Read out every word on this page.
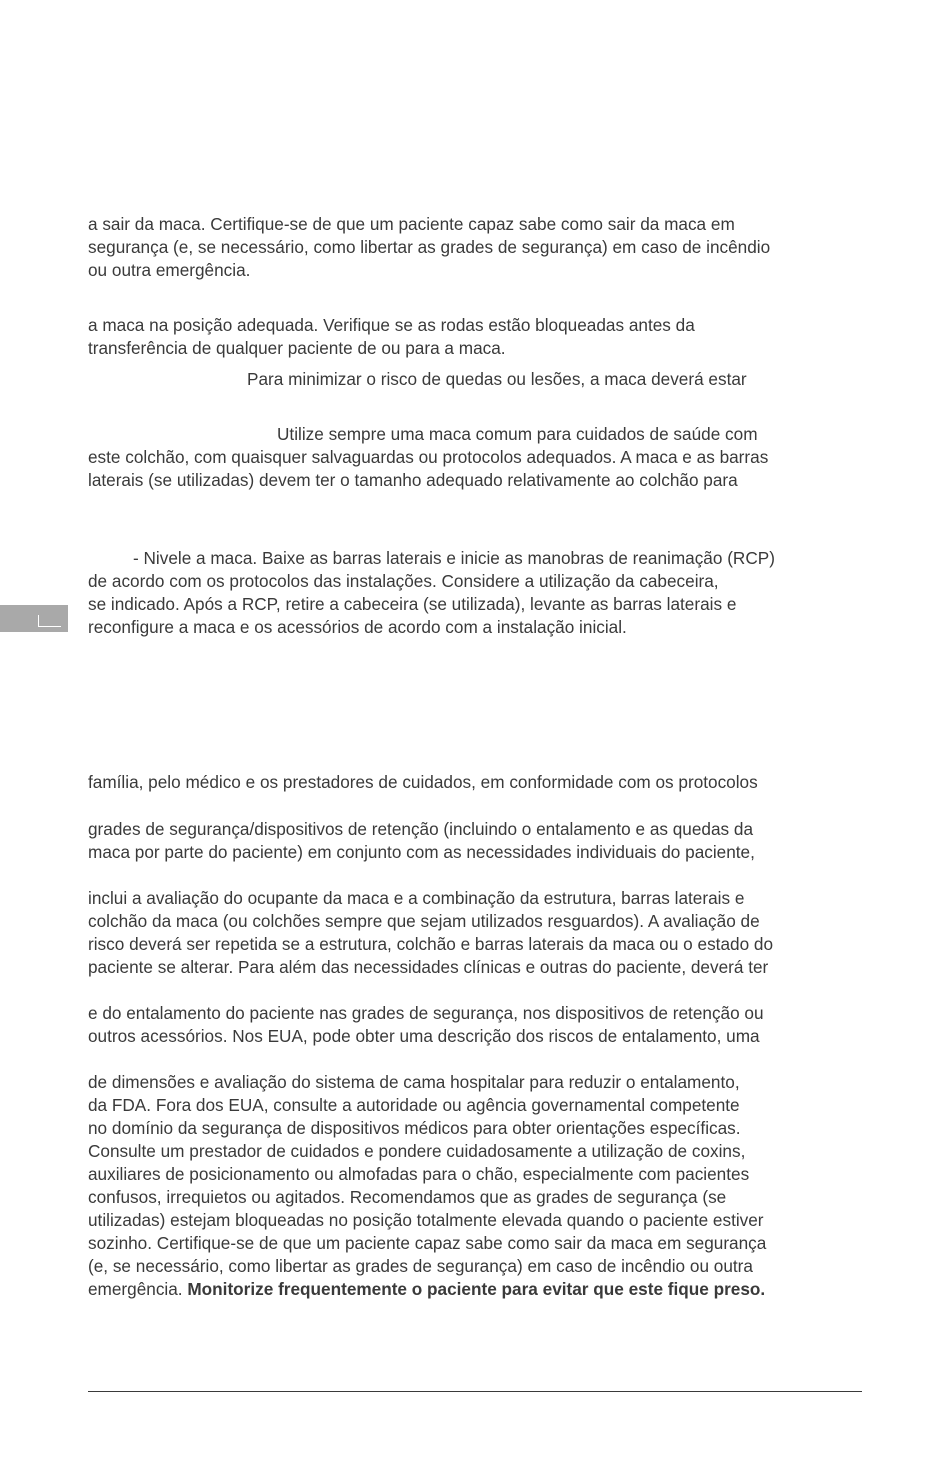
a sair da maca. Certifique-se de que um paciente capaz sabe como sair da maca em
segurança (e, se necessário, como libertar as grades de segurança) em caso de incêndio
ou outra emergência.
a maca na posição adequada. Verifique se as rodas estão bloqueadas antes da
transferência de qualquer paciente de ou para a maca.
Para minimizar o risco de quedas ou lesões, a maca deverá estar
Utilize sempre uma maca comum para cuidados de saúde com
este colchão, com quaisquer salvaguardas ou protocolos adequados. A maca e as barras
laterais (se utilizadas) devem ter o tamanho adequado relativamente ao colchão para
- Nivele a maca. Baixe as barras laterais e inicie as manobras de reanimação (RCP)
de acordo com os protocolos das instalações. Considere a utilização da cabeceira,
se indicado. Após a RCP, retire a cabeceira (se utilizada), levante as barras laterais e
reconfigure a maca e os acessórios de acordo com a instalação inicial.
família, pelo médico e os prestadores de cuidados, em conformidade com os protocolos
grades de segurança/dispositivos de retenção (incluindo o entalamento e as quedas da
maca por parte do paciente) em conjunto com as necessidades individuais do paciente,
inclui a avaliação do ocupante da maca e a combinação da estrutura, barras laterais e
colchão da maca (ou colchões sempre que sejam utilizados resguardos). A avaliação de
risco deverá ser repetida se a estrutura, colchão e barras laterais da maca ou o estado do
paciente se alterar. Para além das necessidades clínicas e outras do paciente, deverá ter
e do entalamento do paciente nas grades de segurança, nos dispositivos de retenção ou
outros acessórios. Nos EUA, pode obter uma descrição dos riscos de entalamento, uma
de dimensões e avaliação do sistema de cama hospitalar para reduzir o entalamento,
da FDA. Fora dos EUA, consulte a autoridade ou agência governamental competente
no domínio da segurança de dispositivos médicos para obter orientações específicas.
Consulte um prestador de cuidados e pondere cuidadosamente a utilização de coxins,
auxiliares de posicionamento ou almofadas para o chão, especialmente com pacientes
confusos, irrequietos ou agitados. Recomendamos que as grades de segurança (se
utilizadas) estejam bloqueadas no posição totalmente elevada quando o paciente estiver
sozinho. Certifique-se de que um paciente capaz sabe como sair da maca em segurança
(e, se necessário, como libertar as grades de segurança) em caso de incêndio ou outra
emergência. Monitorize frequentemente o paciente para evitar que este fique preso.
